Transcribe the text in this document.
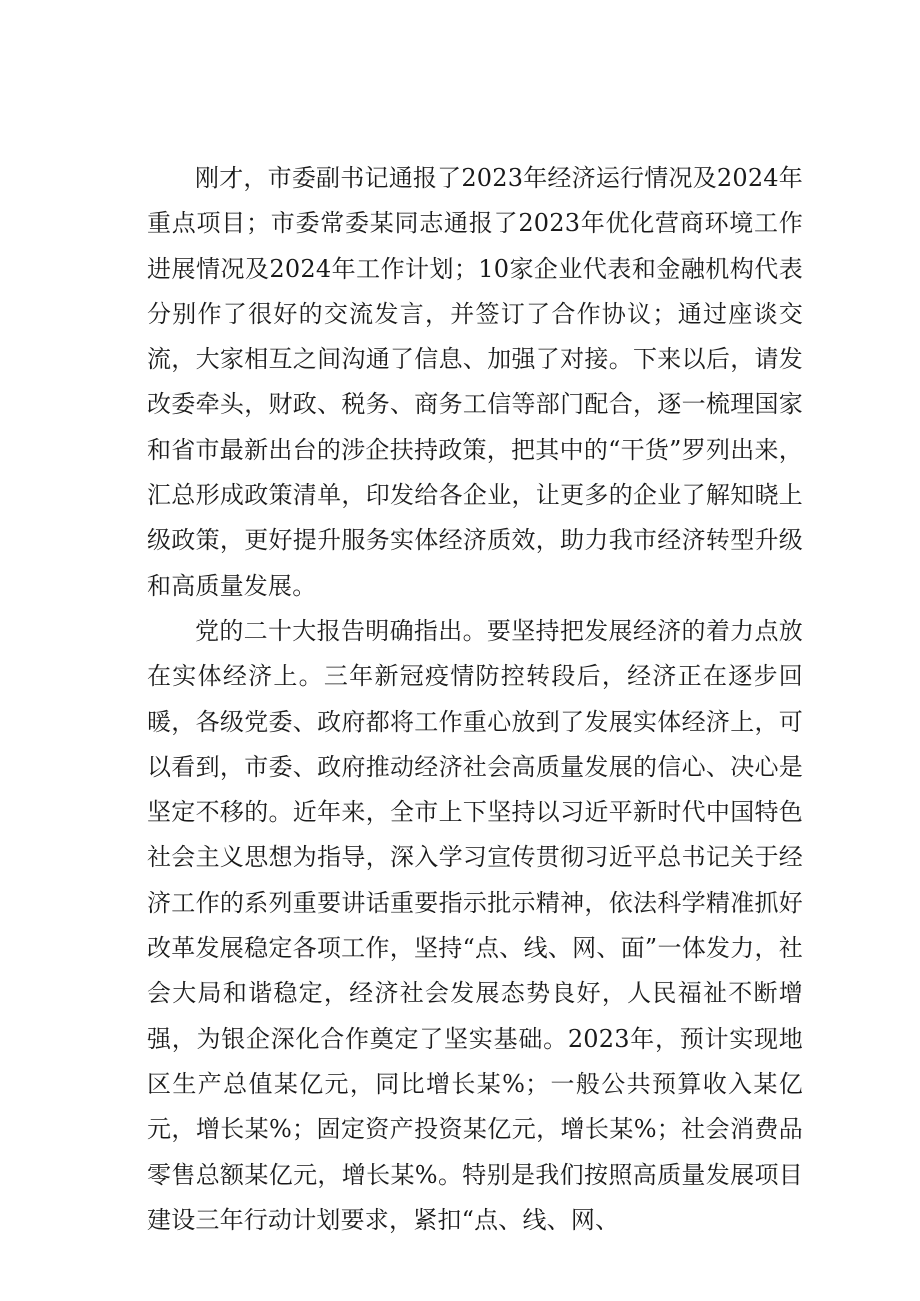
刚才，市委副书记通报了2023年经济运行情况及2024年重点项目；市委常委某同志通报了2023年优化营商环境工作进展情况及2024年工作计划；10家企业代表和金融机构代表分别作了很好的交流发言，并签订了合作协议；通过座谈交流，大家相互之间沟通了信息、加强了对接。下来以后，请发改委牵头，财政、税务、商务工信等部门配合，逐一梳理国家和省市最新出台的涉企扶持政策，把其中的“干货”罗列出来，汇总形成政策清单，印发给各企业，让更多的企业了解知晓上级政策，更好提升服务实体经济质效，助力我市经济转型升级和高质量发展。

党的二十大报告明确指出。要坚持把发展经济的着力点放在实体经济上。三年新冠疫情防控转段后，经济正在逐步回暖，各级党委、政府都将工作重心放到了发展实体经济上，可以看到，市委、政府推动经济社会高质量发展的信心、决心是坚定不移的。近年来，全市上下坚持以习近平新时代中国特色社会主义思想为指导，深入学习宣传贯彻习近平总书记关于经济工作的系列重要讲话重要指示批示精神，依法科学精准抓好改革发展稳定各项工作，坚持“点、线、网、面”一体发力，社会大局和谐稳定，经济社会发展态势良好，人民福祉不断增强，为银企深化合作奠定了坚实基础。2023年，预计实现地区生产总值某亿元，同比增长某%；一般公共预算收入某亿元，增长某%；固定资产投资某亿元，增长某%；社会消费品零售总额某亿元，增长某%。特别是我们按照高质量发展项目建设三年行动计划要求，紧扣“点、线、网、
